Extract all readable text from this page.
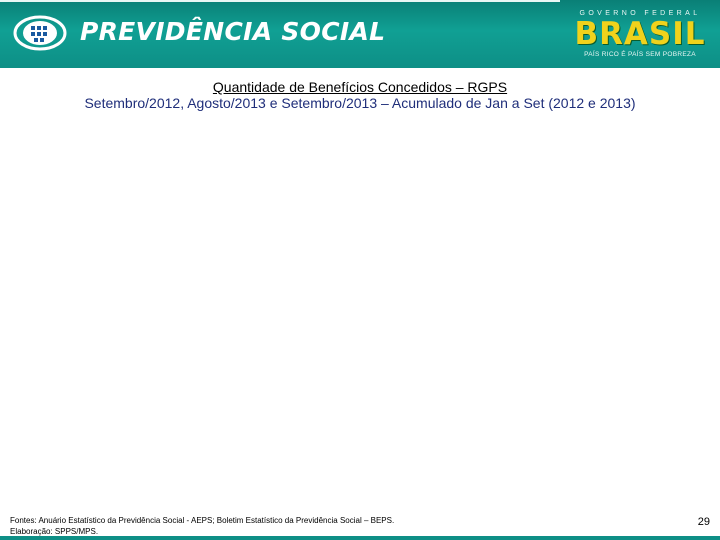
PREVIDÊNCIA SOCIAL
GOVERNO FEDERAL
BRASIL
PAÍS RICO É PAÍS SEM POBREZA
Quantidade de Benefícios Concedidos – RGPS
Setembro/2012, Agosto/2013 e Setembro/2013 – Acumulado de Jan a Set (2012 e 2013)
Fontes: Anuário Estatístico da Previdência Social - AEPS; Boletim Estatístico da Previdência Social – BEPS.
Elaboração: SPPS/MPS.
29
